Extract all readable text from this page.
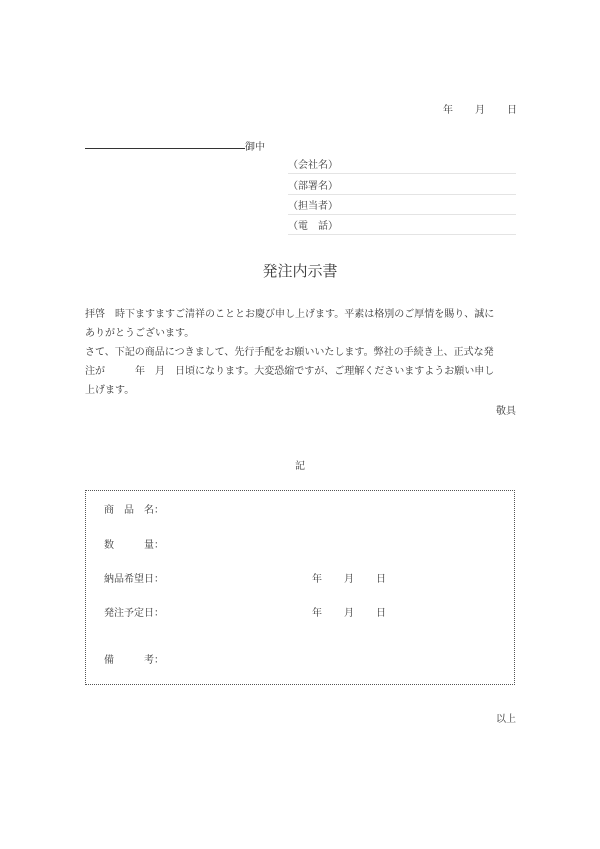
年 月 日
御中
（会社名）
（部署名）
（担当者）
（電　話）
発注内示書

拝啓　時下ますますご清祥のこととお慶び申し上げます。平素は格別のご厚情を賜り、誠に

ありがとうございます。

さて、下記の商品につきまして、先行手配をお願いいたします。弊社の手続き上、正式な発

注が　　　年　月　日頃になります。大変恐縮ですが、ご理解くださいますようお願い申し

上げます。

敬具
記
商　品　名：
数　　　量：
納品希望日：	年 月 日
発注予定日：	年 月 日
備　　　考：
以上
